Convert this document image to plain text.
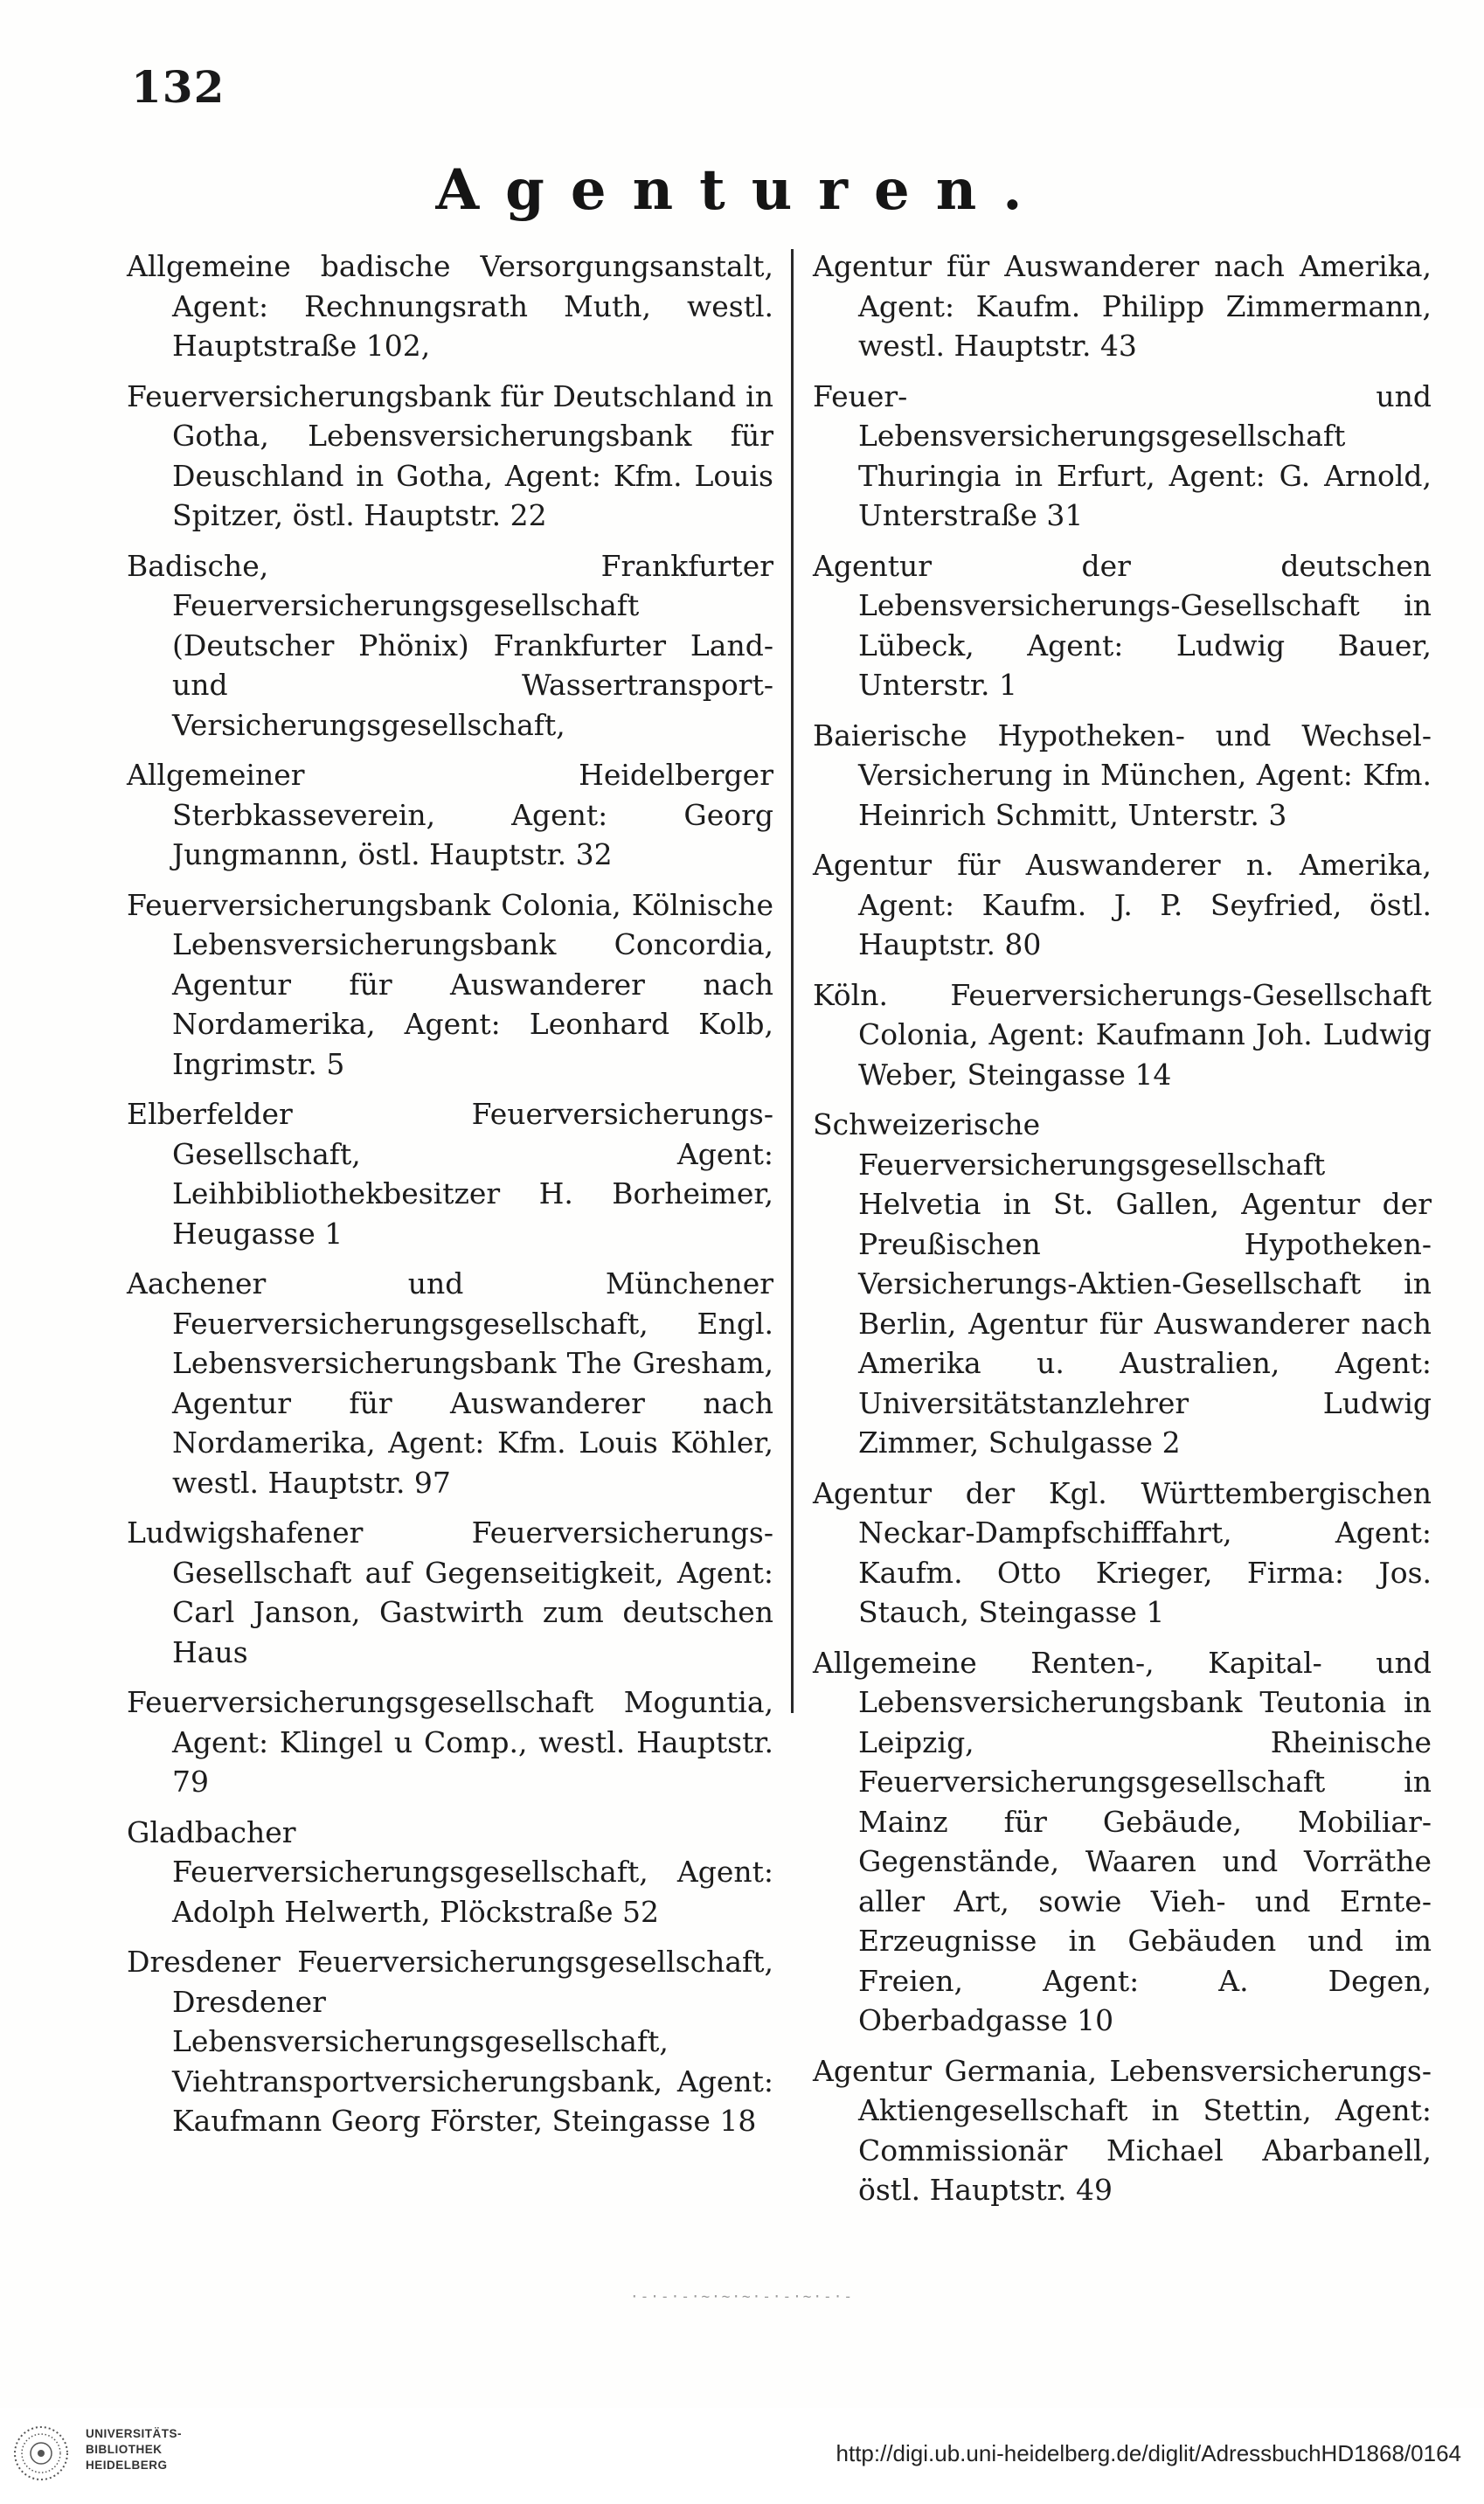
132
Agenturen.

Allgemeine badische Versorgungsanstalt, Agent: Rechnungsrath Muth, westl. Hauptstraße 102,

Feuerversicherungsbank für Deutschland in Gotha, Lebensversicherungsbank für Deuschland in Gotha, Agent: Kfm. Louis Spitzer, östl. Hauptstr. 22

Badische, Frankfurter Feuerversicherungsgesellschaft (Deutscher Phönix) Frankfurter Land- und Wassertransport-Versicherungsgesellschaft,

Allgemeiner Heidelberger Sterbkasseverein, Agent: Georg Jungmannn, östl. Hauptstr. 32

Feuerversicherungsbank Colonia, Kölnische Lebensversicherungsbank Concordia, Agentur für Auswanderer nach Nordamerika, Agent: Leonhard Kolb, Ingrimstr. 5

Elberfelder Feuerversicherungs-Gesellschaft, Agent: Leihbibliothekbesitzer H. Borheimer, Heugasse 1

Aachener und Münchener Feuerversicherungsgesellschaft, Engl. Lebensversicherungsbank The Gresham, Agentur für Auswanderer nach Nordamerika, Agent: Kfm. Louis Köhler, westl. Hauptstr. 97

Ludwigshafener Feuerversicherungs-Gesellschaft auf Gegenseitigkeit, Agent: Carl Janson, Gastwirth zum deutschen Haus

Feuerversicherungsgesellschaft Moguntia, Agent: Klingel u Comp., westl. Hauptstr. 79

Gladbacher Feuerversicherungsgesellschaft, Agent: Adolph Helwerth, Plöckstraße 52

Dresdener Feuerversicherungsgesellschaft, Dresdener Lebensversicherungsgesellschaft, Viehtransportversicherungsbank, Agent: Kaufmann Georg Förster, Steingasse 18

Agentur für Auswanderer nach Amerika, Agent: Kaufm. Philipp Zimmermann, westl. Hauptstr. 43

Feuer- und Lebensversicherungsgesellschaft Thuringia in Erfurt, Agent: G. Arnold, Unterstraße 31

Agentur der deutschen Lebensversicherungs-Gesellschaft in Lübeck, Agent: Ludwig Bauer, Unterstr. 1

Baierische Hypotheken- und Wechsel-Versicherung in München, Agent: Kfm. Heinrich Schmitt, Unterstr. 3

Agentur für Auswanderer n. Amerika, Agent: Kaufm. J. P. Seyfried, östl. Hauptstr. 80

Köln. Feuerversicherungs-Gesellschaft Colonia, Agent: Kaufmann Joh. Ludwig Weber, Steingasse 14

Schweizerische Feuerversicherungsgesellschaft Helvetia in St. Gallen, Agentur der Preußischen Hypotheken-Versicherungs-Aktien-Gesellschaft in Berlin, Agentur für Auswanderer nach Amerika u. Australien, Agent: Universitätstanzlehrer Ludwig Zimmer, Schulgasse 2

Agentur der Kgl. Württembergischen Neckar-Dampfschifffahrt, Agent: Kaufm. Otto Krieger, Firma: Jos. Stauch, Steingasse 1

Allgemeine Renten-, Kapital- und Lebensversicherungsbank Teutonia in Leipzig, Rheinische Feuerversicherungsgesellschaft in Mainz für Gebäude, Mobiliar-Gegenstände, Waaren und Vorräthe aller Art, sowie Vieh- und Ernte-Erzeugnisse in Gebäuden und im Freien, Agent: A. Degen, Oberbadgasse 10

Agentur Germania, Lebensversicherungs-Aktiengesellschaft in Stettin, Agent: Commissionär Michael Abarbanell, östl. Hauptstr. 49

·-·-·-·~·~·~·-·-·~·-·-
UNIVERSITÄTS-
BIBLIOTHEK
HEIDELBERG	http://digi.ub.uni-heidelberg.de/diglit/AdressbuchHD1868/0164
